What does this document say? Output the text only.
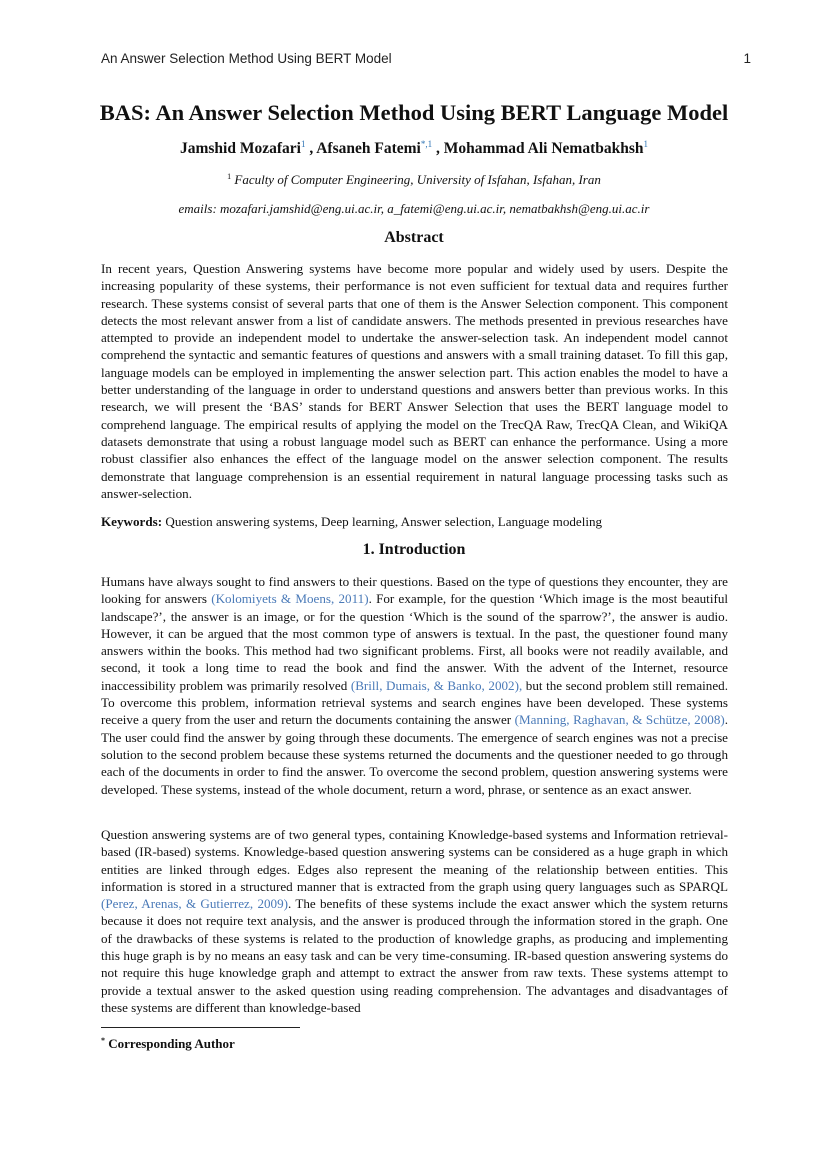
An Answer Selection Method Using BERT Model	1
BAS: An Answer Selection Method Using BERT Language Model
Jamshid Mozafari$^1$ , Afsaneh Fatemi$^{*,1}$ , Mohammad Ali Nematbakhsh$^1$
$^1$ Faculty of Computer Engineering, University of Isfahan, Isfahan, Iran
emails: mozafari.jamshid@eng.ui.ac.ir, a_fatemi@eng.ui.ac.ir, nematbakhsh@eng.ui.ac.ir
Abstract
In recent years, Question Answering systems have become more popular and widely used by users. Despite the increasing popularity of these systems, their performance is not even sufficient for textual data and requires further research. These systems consist of several parts that one of them is the Answer Selection component. This component detects the most relevant answer from a list of candidate answers. The methods presented in previous researches have attempted to provide an independent model to undertake the answer-selection task. An independent model cannot comprehend the syntactic and semantic features of questions and answers with a small training dataset. To fill this gap, language models can be employed in implementing the answer selection part. This action enables the model to have a better understanding of the language in order to understand questions and answers better than previous works. In this research, we will present the ‘BAS’ stands for BERT Answer Selection that uses the BERT language model to comprehend language. The empirical results of applying the model on the TrecQA Raw, TrecQA Clean, and WikiQA datasets demonstrate that using a robust language model such as BERT can enhance the performance. Using a more robust classifier also enhances the effect of the language model on the answer selection component. The results demonstrate that language comprehension is an essential requirement in natural language processing tasks such as answer-selection.
Keywords: Question answering systems, Deep learning, Answer selection, Language modeling
1. Introduction
Humans have always sought to find answers to their questions. Based on the type of questions they encounter, they are looking for answers (Kolomiyets & Moens, 2011). For example, for the question ‘Which image is the most beautiful landscape?’, the answer is an image, or for the question ‘Which is the sound of the sparrow?’, the answer is audio. However, it can be argued that the most common type of answers is textual. In the past, the questioner found many answers within the books. This method had two significant problems. First, all books were not readily available, and second, it took a long time to read the book and find the answer. With the advent of the Internet, resource inaccessibility problem was primarily resolved (Brill, Dumais, & Banko, 2002), but the second problem still remained. To overcome this problem, information retrieval systems and search engines have been developed. These systems receive a query from the user and return the documents containing the answer (Manning, Raghavan, & Schütze, 2008). The user could find the answer by going through these documents. The emergence of search engines was not a precise solution to the second problem because these systems returned the documents and the questioner needed to go through each of the documents in order to find the answer. To overcome the second problem, question answering systems were developed. These systems, instead of the whole document, return a word, phrase, or sentence as an exact answer.
Question answering systems are of two general types, containing Knowledge-based systems and Information retrieval-based (IR-based) systems. Knowledge-based question answering systems can be considered as a huge graph in which entities are linked through edges. Edges also represent the meaning of the relationship between entities. This information is stored in a structured manner that is extracted from the graph using query languages such as SPARQL (Perez, Arenas, & Gutierrez, 2009). The benefits of these systems include the exact answer which the system returns because it does not require text analysis, and the answer is produced through the information stored in the graph. One of the drawbacks of these systems is related to the production of knowledge graphs, as producing and implementing this huge graph is by no means an easy task and can be very time-consuming. IR-based question answering systems do not require this huge knowledge graph and attempt to extract the answer from raw texts. These systems attempt to provide a textual answer to the asked question using reading comprehension. The advantages and disadvantages of these systems are different than knowledge-based
* Corresponding Author
